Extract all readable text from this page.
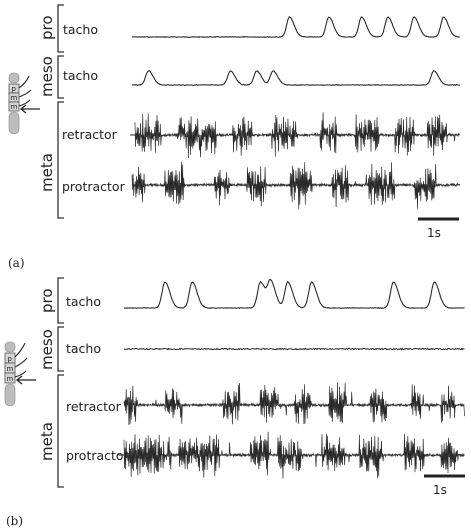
pro tacho
meso tacho
meta
retractor
protractor
1s
(a)
p
m
m
pro tacho
meso tacho
meta
retractor
protractor
1s
(b)
p
m
m
